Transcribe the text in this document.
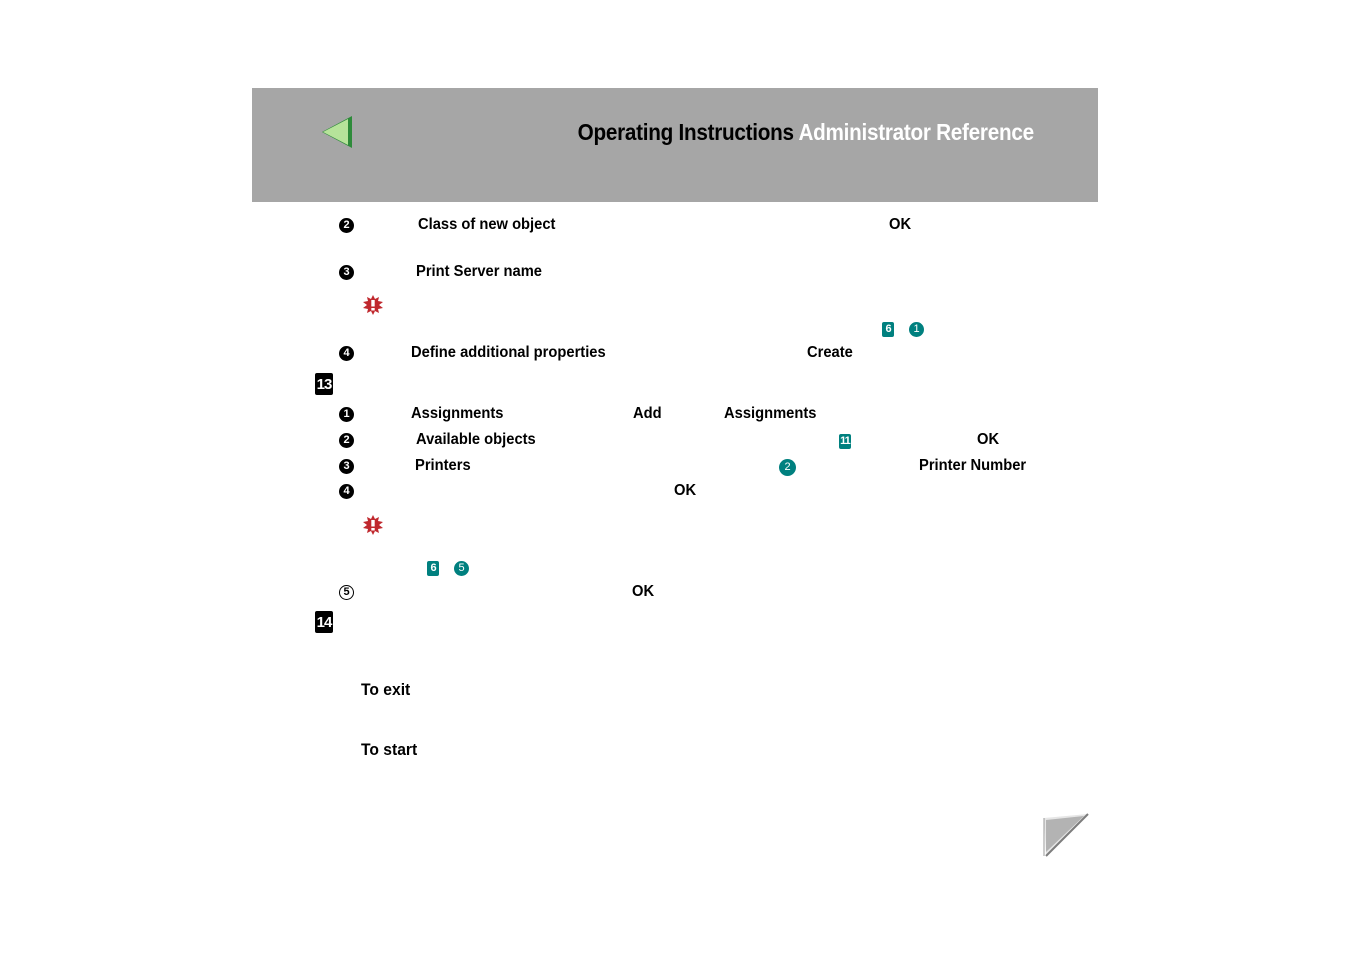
Operating Instructions Administrator Reference
2	Class of new object	OK
3	Print Server name
6	1
4	Define additional properties	Create
13
1	Assignments	Add	Assignments
2	Available objects	11	OK
3	Printers	2	Printer Number
4	OK
6	5
5	OK
14
To exit
To start
